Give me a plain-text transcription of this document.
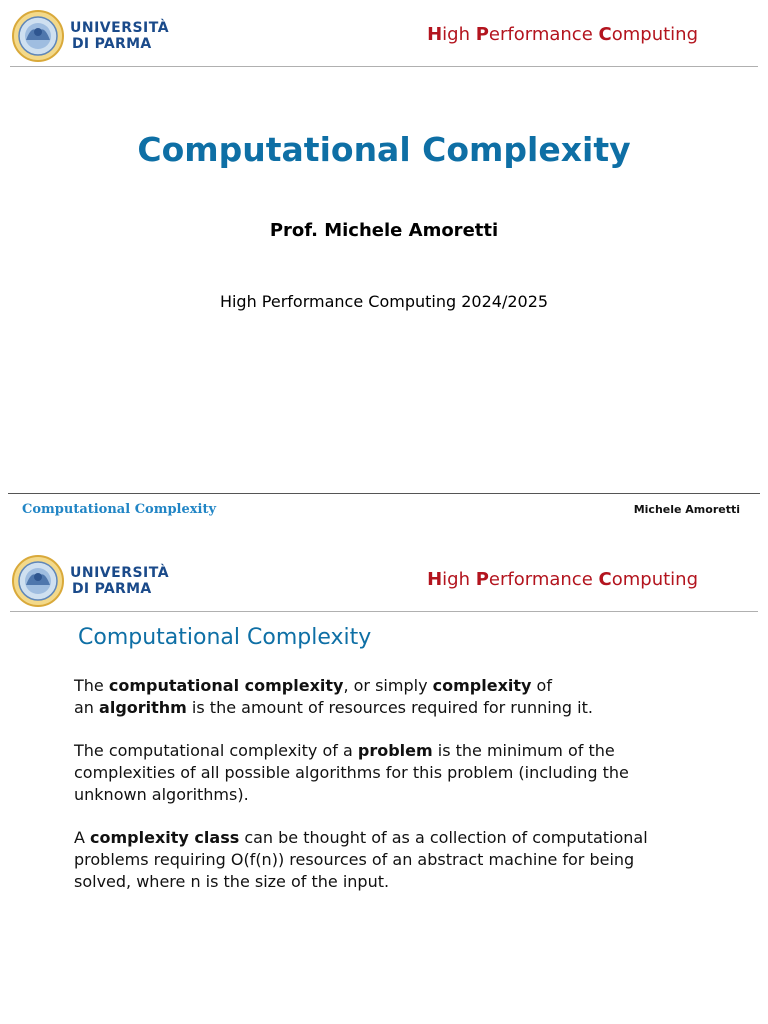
UNIVERSITÀ
DI PARMA	High Performance Computing
Computational Complexity
Prof. Michele Amoretti
High Performance Computing 2024/2025
Computational Complexity	Michele Amoretti
UNIVERSITÀ
DI PARMA	High Performance Computing
Computational Complexity

The computational complexity, or simply complexity of
an algorithm is the amount of resources required for running it.

The computational complexity of a problem is the minimum of the
complexities of all possible algorithms for this problem (including the
unknown algorithms).

A complexity class can be thought of as a collection of computational
problems requiring O(f(n)) resources of an abstract machine for being
solved, where n is the size of the input.
